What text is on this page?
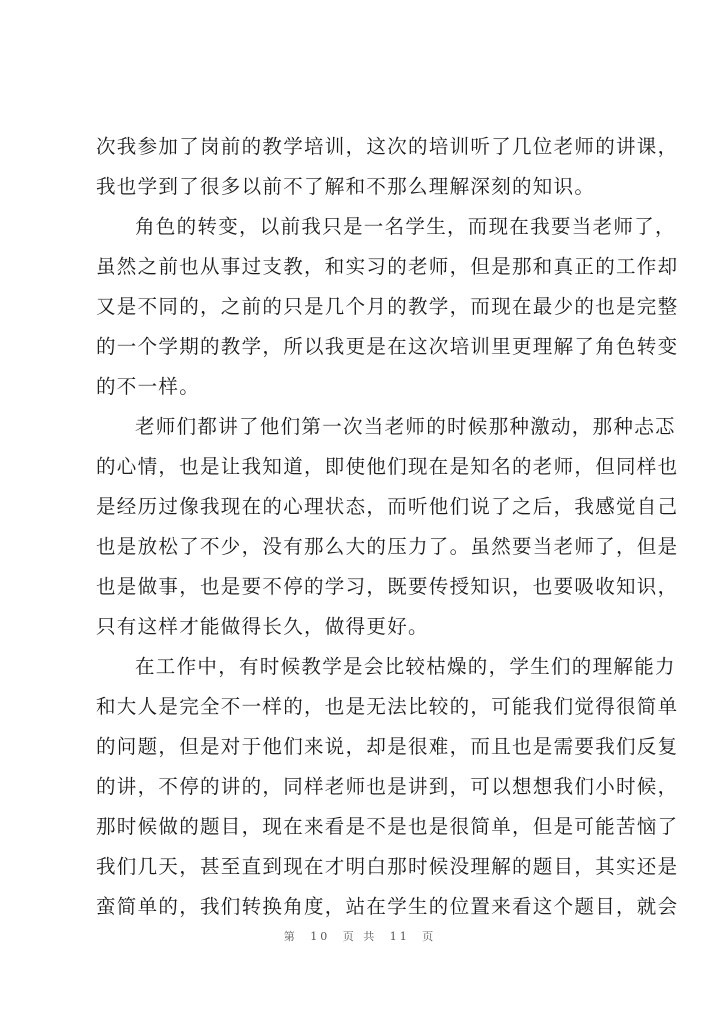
次我参加了岗前的教学培训，这次的培训听了几位老师的讲课，
我也学到了很多以前不了解和不那么理解深刻的知识。
角色的转变，以前我只是一名学生，而现在我要当老师了，
虽然之前也从事过支教，和实习的老师，但是那和真正的工作却
又是不同的，之前的只是几个月的教学，而现在最少的也是完整
的一个学期的教学，所以我更是在这次培训里更理解了角色转变
的不一样。
老师们都讲了他们第一次当老师的时候那种激动，那种忐忑
的心情，也是让我知道，即使他们现在是知名的老师，但同样也
是经历过像我现在的心理状态，而听他们说了之后，我感觉自己
也是放松了不少，没有那么大的压力了。虽然要当老师了，但是
也是做事，也是要不停的学习，既要传授知识，也要吸收知识，
只有这样才能做得长久，做得更好。
在工作中，有时候教学是会比较枯燥的，学生们的理解能力
和大人是完全不一样的，也是无法比较的，可能我们觉得很简单
的问题，但是对于他们来说，却是很难，而且也是需要我们反复
的讲，不停的讲的，同样老师也是讲到，可以想想我们小时候，
那时候做的题目，现在来看是不是也是很简单，但是可能苦恼了
我们几天，甚至直到现在才明白那时候没理解的题目，其实还是
蛮简单的，我们转换角度，站在学生的位置来看这个题目，就会
第 10 页 共 11 页
